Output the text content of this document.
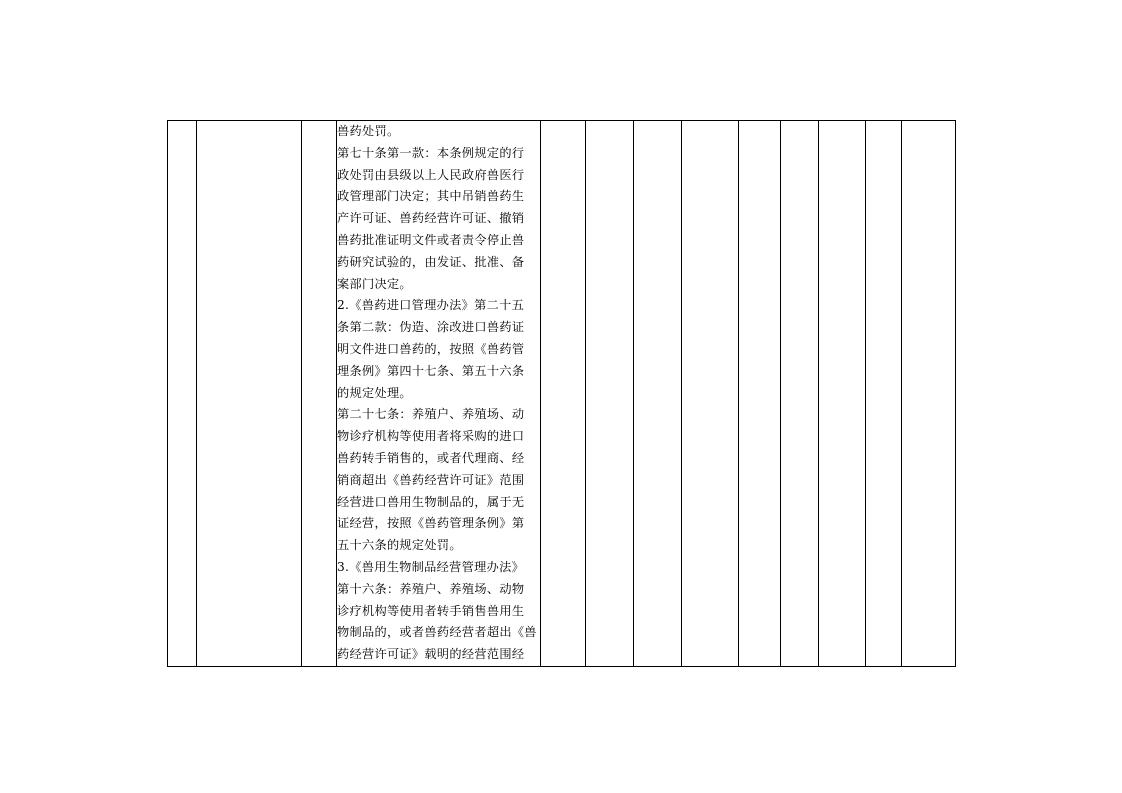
兽药处罚。

第七十条第一款：本条例规定的行

政处罚由县级以上人民政府兽医行

政管理部门决定；其中吊销兽药生

产许可证、兽药经营许可证、撤销

兽药批准证明文件或者责令停止兽

药研究试验的，由发证、批准、备

案部门决定。

2.《兽药进口管理办法》第二十五

条第二款：伪造、涂改进口兽药证

明文件进口兽药的，按照《兽药管

理条例》第四十七条、第五十六条

的规定处理。

第二十七条：养殖户、养殖场、动

物诊疗机构等使用者将采购的进口

兽药转手销售的，或者代理商、经

销商超出《兽药经营许可证》范围

经营进口兽用生物制品的，属于无

证经营，按照《兽药管理条例》第

五十六条的规定处罚。

3.《兽用生物制品经营管理办法》

第十六条：养殖户、养殖场、动物

诊疗机构等使用者转手销售兽用生

物制品的，或者兽药经营者超出《兽

药经营许可证》载明的经营范围经
